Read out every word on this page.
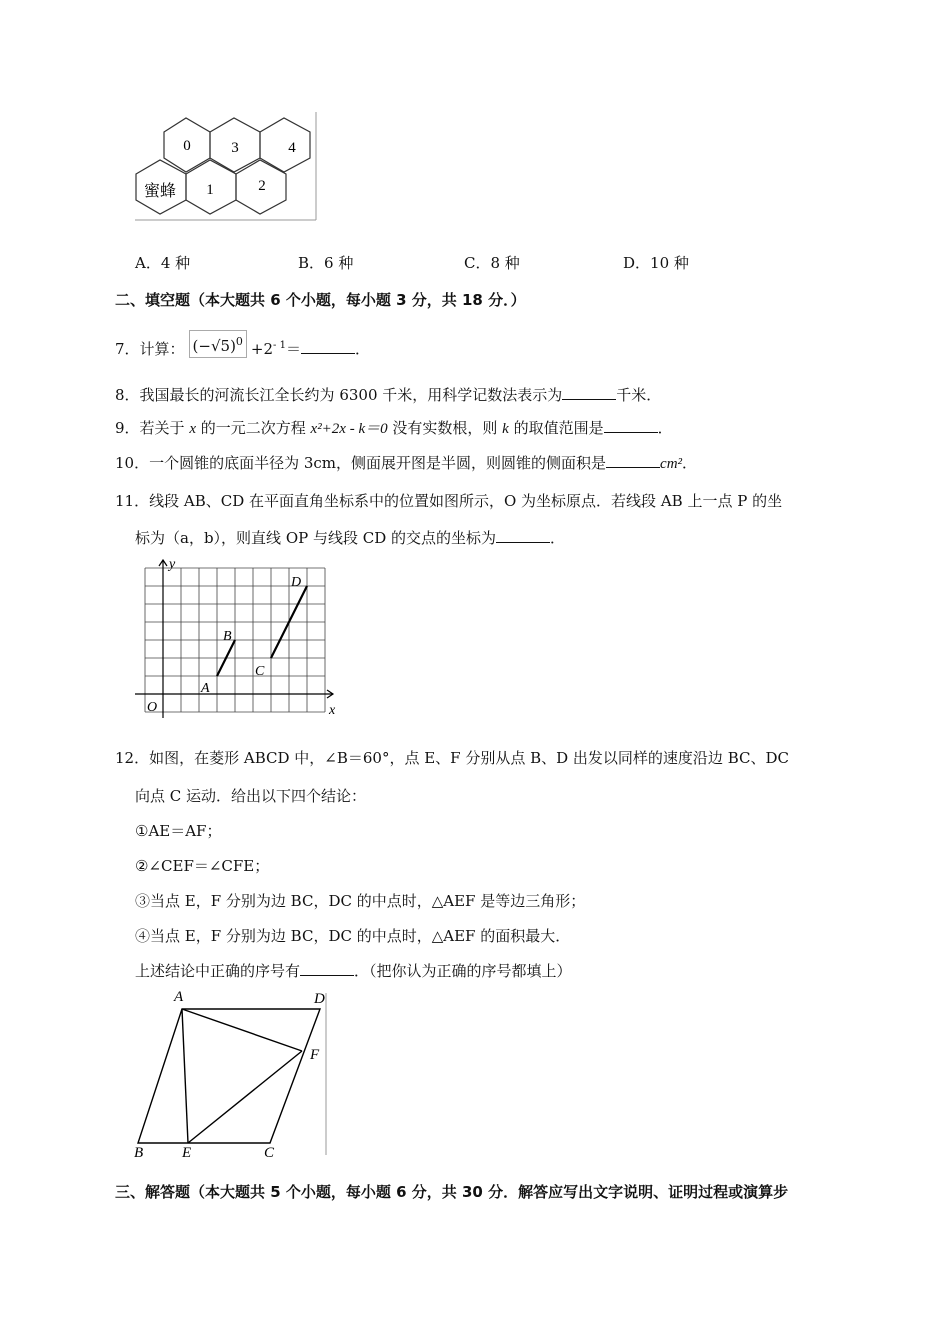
0	3	4
蜜蜂 1	2
A．4 种	B．6 种	C．8 种	D．10 种
二、填空题（本大题共 6 个小题，每小题 3 分，共 18 分．）
7．计算： $(-√5)^0 +2^{- 1}=$	．
8．我国最长的河流长江全长约为 6300 千米，用科学记数法表示为	千米．
9．若关于 x 的一元二次方程 x²+2x - k＝0 没有实数根，则 k 的取值范围是	．
10．一个圆锥的底面半径为 3cm，侧面展开图是半圆，则圆锥的侧面积是	cm²．
11．线段 AB、CD 在平面直角坐标系中的位置如图所示，O 为坐标原点．若线段 AB 上一点 P 的坐
标为（a，b），则直线 OP 与线段 CD 的交点的坐标为	．
y
x
O
A
B
C
D
12．如图，在菱形 ABCD 中，∠B＝60°，点 E、F 分别从点 B、D 出发以同样的速度沿边 BC、DC
向点 C 运动．给出以下四个结论：
①AE＝AF；
②∠CEF＝∠CFE；
③当点 E，F 分别为边 BC，DC 的中点时，△AEF 是等边三角形；
④当点 E，F 分别为边 BC，DC 的中点时，△AEF 的面积最大．
上述结论中正确的序号有	．（把你认为正确的序号都填上）
A	D
F
B	E	C
三、解答题（本大题共 5 个小题，每小题 6 分，共 30 分．解答应写出文字说明、证明过程或演算步
